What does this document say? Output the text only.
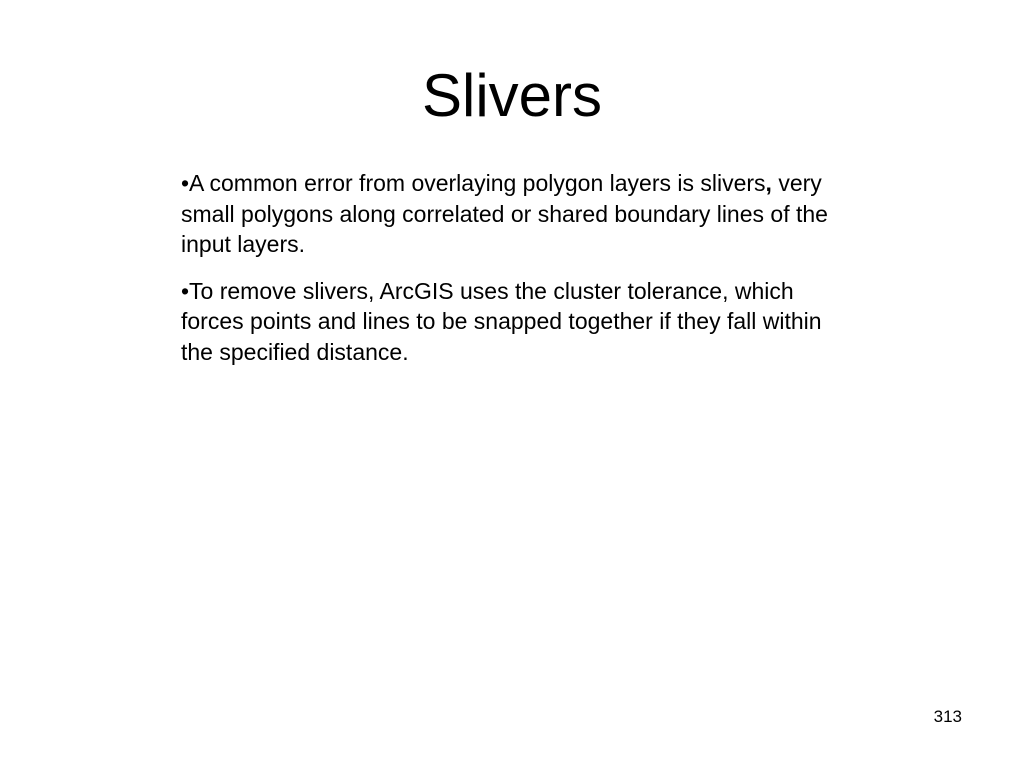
Slivers

•A common error from overlaying polygon layers is slivers, very small polygons along correlated or shared boundary lines of the input layers.

•To remove slivers, ArcGIS uses the cluster tolerance, which forces points and lines to be snapped together if they fall within the specified distance.

313
